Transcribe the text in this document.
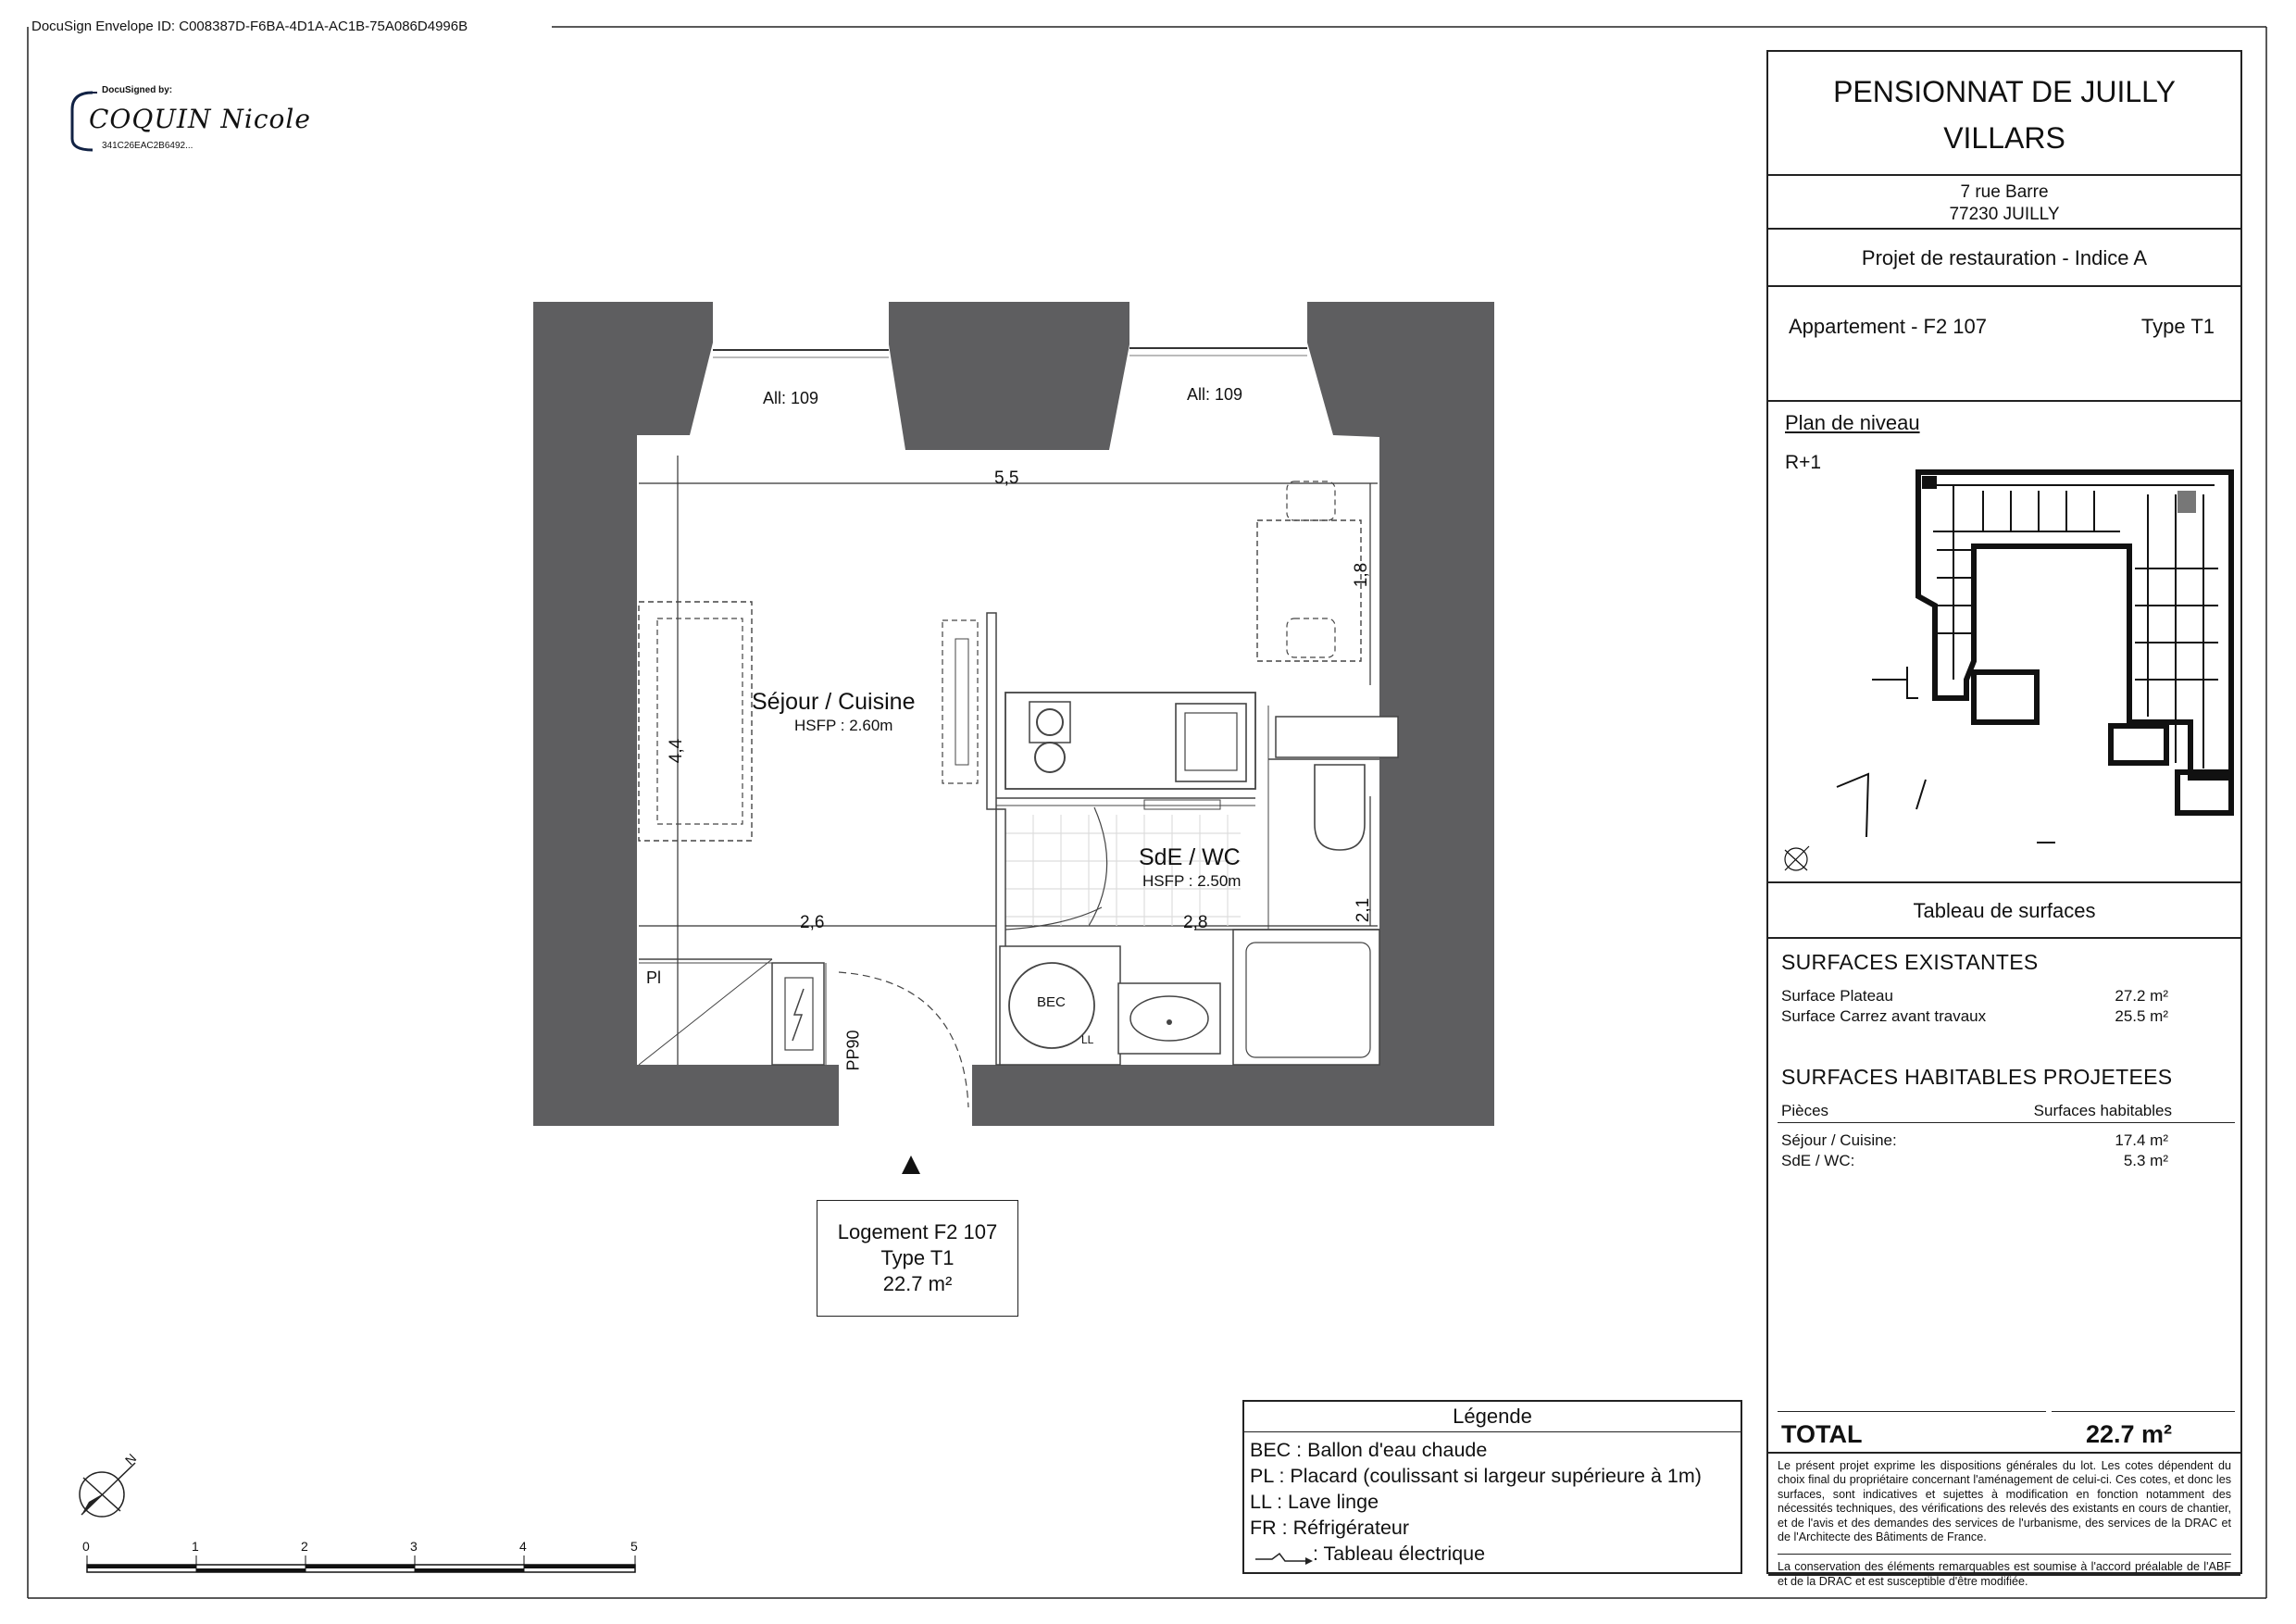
DocuSign Envelope ID: C008387D-F6BA-4D1A-AC1B-75A086D4996B
DocuSigned by:
COQUIN Nicole
341C26EAC2B6492...
All: 109	All: 109
5,5
4,4
1,8
2,6	2,8
2,1
Séjour / Cuisine
HSFP : 2.60m
SdE / WC
HSFP : 2.50m
Pl
BEC
LL
PP90
Logement F2 107
Type T1
22.7 m²
N
0	1	2	3	4	5
Légende
BEC : Ballon d'eau chaude
PL : Placard (coulissant si largeur supérieure à 1m)
LL : Lave linge
FR : Réfrigérateur
: Tableau électrique
PENSIONNAT DE JUILLY
VILLARS
7 rue Barre
77230 JUILLY
Projet de restauration - Indice A
Appartement - F2 107	Type T1
Plan de niveau
R+1
Tableau de surfaces
SURFACES EXISTANTES
Surface Plateau	27.2 m²
Surface Carrez avant travaux	25.5 m²
SURFACES HABITABLES PROJETEES
Pièces	Surfaces habitables
Séjour / Cuisine:	17.4 m²
SdE / WC:	5.3 m²
TOTAL	22.7 m²
Le présent projet exprime les dispositions générales du lot. Les cotes dépendent du choix final du propriétaire concernant l'aménagement de celui-ci. Ces cotes, et donc les surfaces, sont indicatives et sujettes à modification en fonction notamment des nécessités techniques, des vérifications des relevés des existants en cours de chantier, et de l'avis et des demandes des services de l'urbanisme, des services de la DRAC et de l'Architecte des Bâtiments de France.
La conservation des éléments remarquables est soumise à l'accord préalable de l'ABF et de la DRAC et est susceptible d'être modifiée.
